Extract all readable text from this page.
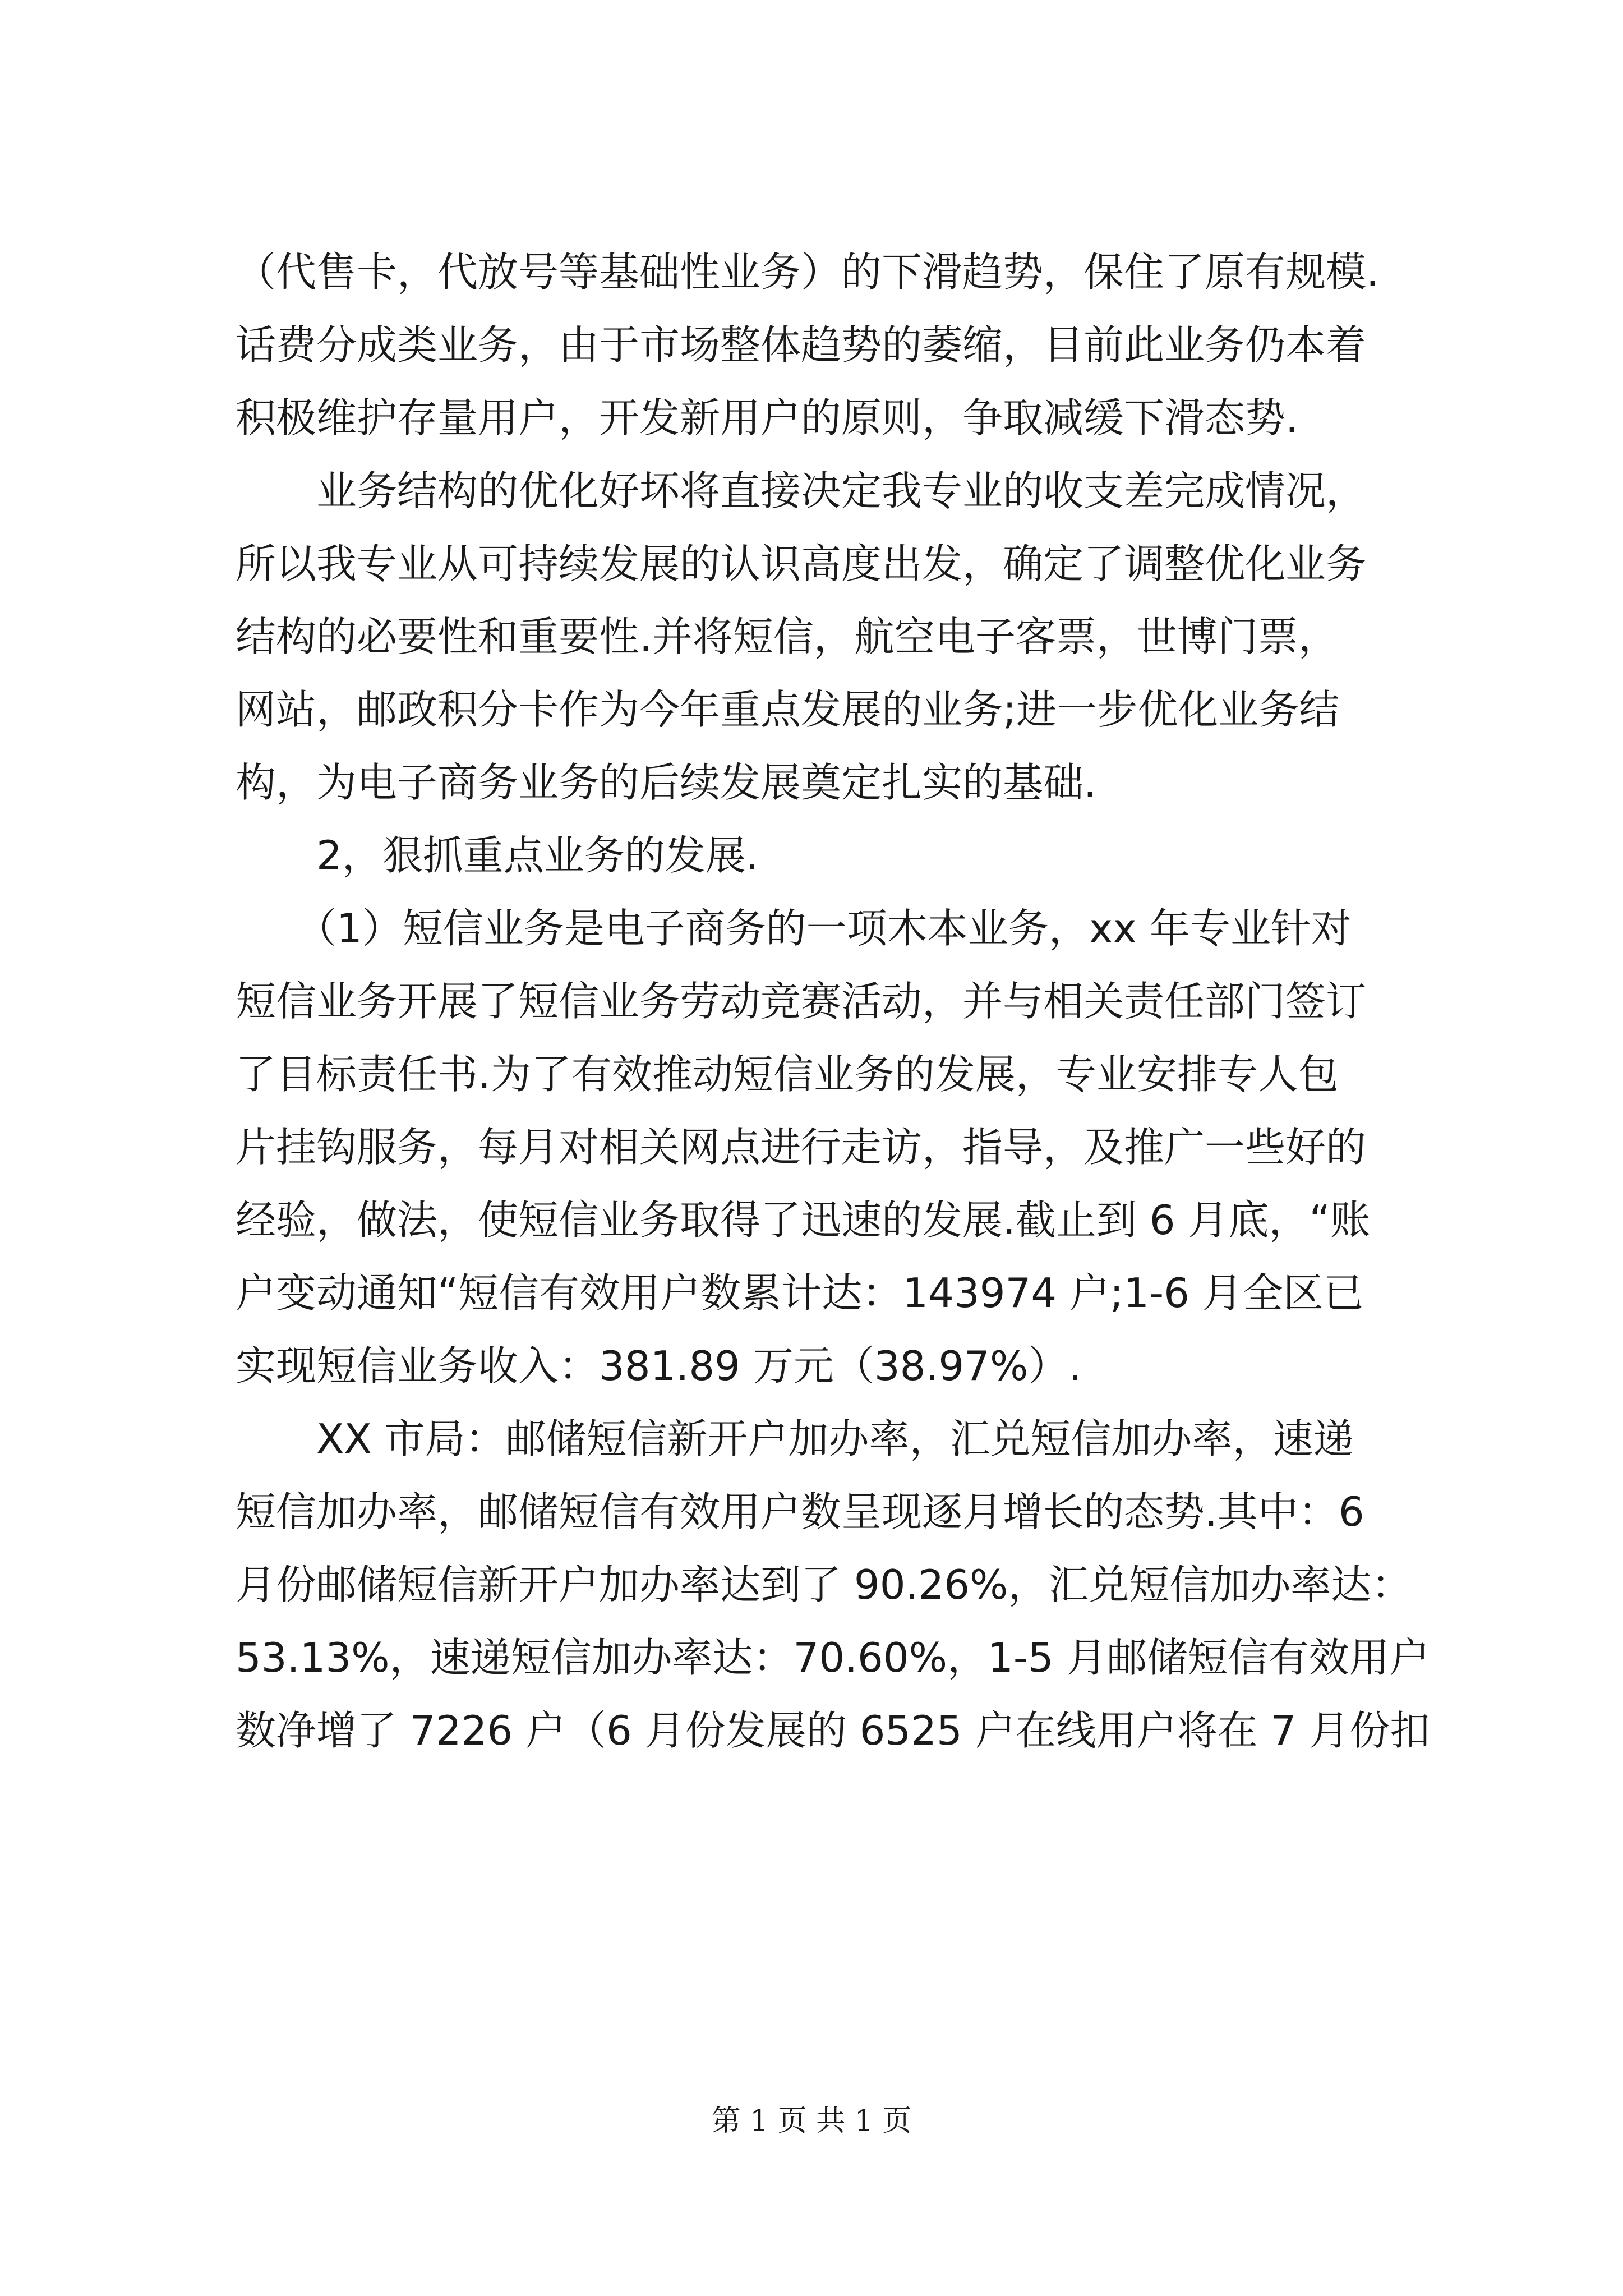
（代售卡，代放号等基础性业务）的下滑趋势，保住了原有规模.
话费分成类业务，由于市场整体趋势的萎缩，目前此业务仍本着
积极维护存量用户，开发新用户的原则，争取减缓下滑态势.
　　业务结构的优化好坏将直接决定我专业的收支差完成情况，
所以我专业从可持续发展的认识高度出发，确定了调整优化业务
结构的必要性和重要性.并将短信，航空电子客票，世博门票，
网站，邮政积分卡作为今年重点发展的业务;进一步优化业务结
构，为电子商务业务的后续发展奠定扎实的基础.
　　2，狠抓重点业务的发展.
　　（1）短信业务是电子商务的一项木本业务，xx 年专业针对
短信业务开展了短信业务劳动竞赛活动，并与相关责任部门签订
了目标责任书.为了有效推动短信业务的发展，专业安排专人包
片挂钩服务，每月对相关网点进行走访，指导，及推广一些好的
经验，做法，使短信业务取得了迅速的发展.截止到 6 月底，“账
户变动通知“短信有效用户数累计达：143974 户;1-6 月全区已
实现短信业务收入：381.89 万元（38.97%）.
　　XX 市局：邮储短信新开户加办率，汇兑短信加办率，速递
短信加办率，邮储短信有效用户数呈现逐月增长的态势.其中：6
月份邮储短信新开户加办率达到了 90.26%，汇兑短信加办率达：
53.13%，速递短信加办率达：70.60%，1-5 月邮储短信有效用户
数净增了 7226 户（6 月份发展的 6525 户在线用户将在 7 月份扣
第 1 页 共 1 页
